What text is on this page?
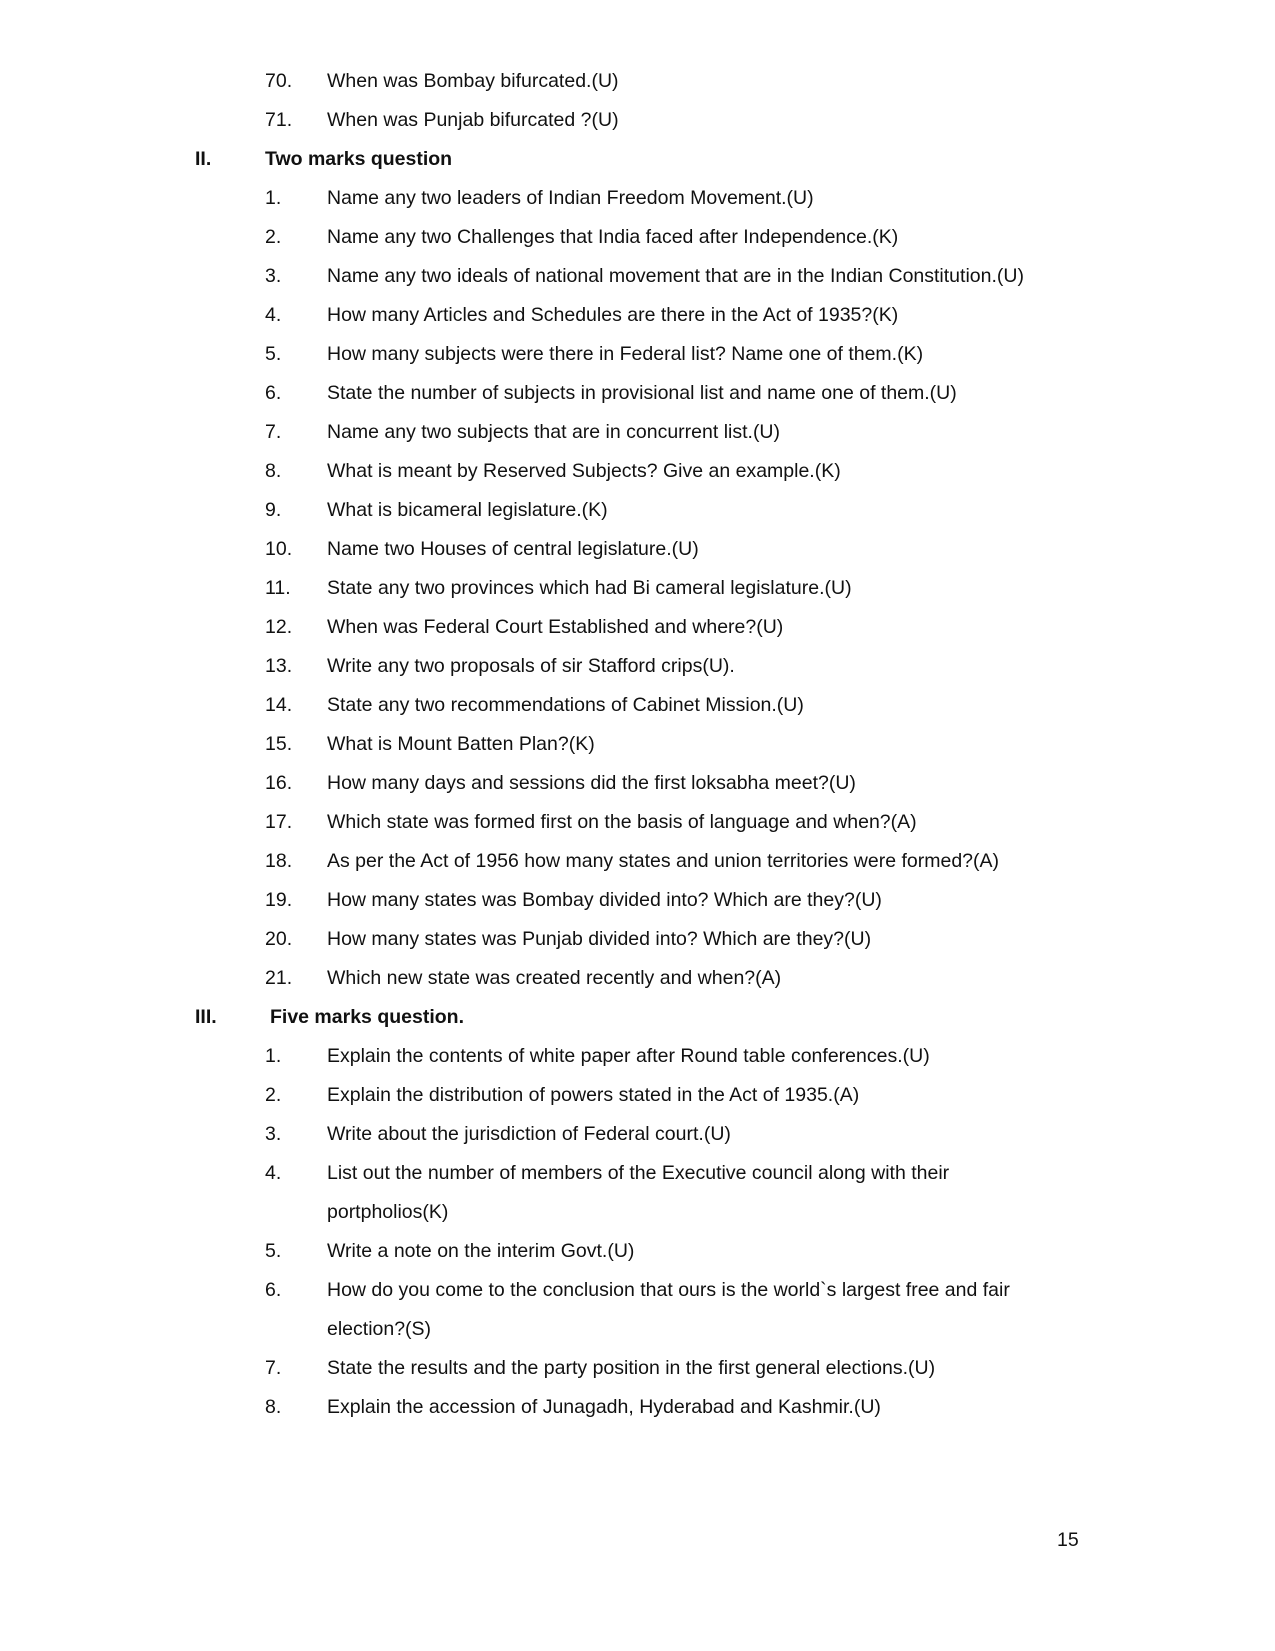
70. When was Bombay bifurcated.(U)
71. When was Punjab bifurcated ?(U)
II.	Two marks question
1. Name any two leaders of Indian Freedom Movement.(U)
2. Name any two Challenges that India faced after Independence.(K)
3. Name any two ideals of national movement that are in the Indian Constitution.(U)
4. How many Articles and Schedules are there in the Act of 1935?(K)
5. How many subjects were there in Federal list? Name one of them.(K)
6. State the number of subjects in provisional list and name one of them.(U)
7. Name any two subjects that are in concurrent list.(U)
8. What is meant by Reserved Subjects? Give an example.(K)
9. What is bicameral legislature.(K)
10. Name two Houses of central legislature.(U)
11. State any two provinces which had Bi cameral legislature.(U)
12. When was Federal Court Established and where?(U)
13. Write any two proposals of sir Stafford crips(U).
14. State any two recommendations of Cabinet Mission.(U)
15. What is Mount Batten Plan?(K)
16. How many days and sessions did the first loksabha meet?(U)
17. Which state was formed first on the basis of language and when?(A)
18. As per the Act of 1956 how many states and union territories were formed?(A)
19. How many states was Bombay divided into? Which are they?(U)
20. How many states was Punjab divided into? Which are they?(U)
21. Which new state was created recently and when?(A)
III.	Five marks question.
1. Explain the contents of white paper after Round table conferences.(U)
2. Explain the distribution of powers stated in the Act of 1935.(A)
3. Write about the jurisdiction of Federal court.(U)
4. List out the number of members of the Executive council along with their
portpholios(K)
5. Write a note on the interim Govt.(U)
6. How do you come to the conclusion that ours is the world`s largest free and fair
election?(S)
7. State the results and the party position in the first general elections.(U)
8. Explain the accession of Junagadh, Hyderabad and Kashmir.(U)
15
